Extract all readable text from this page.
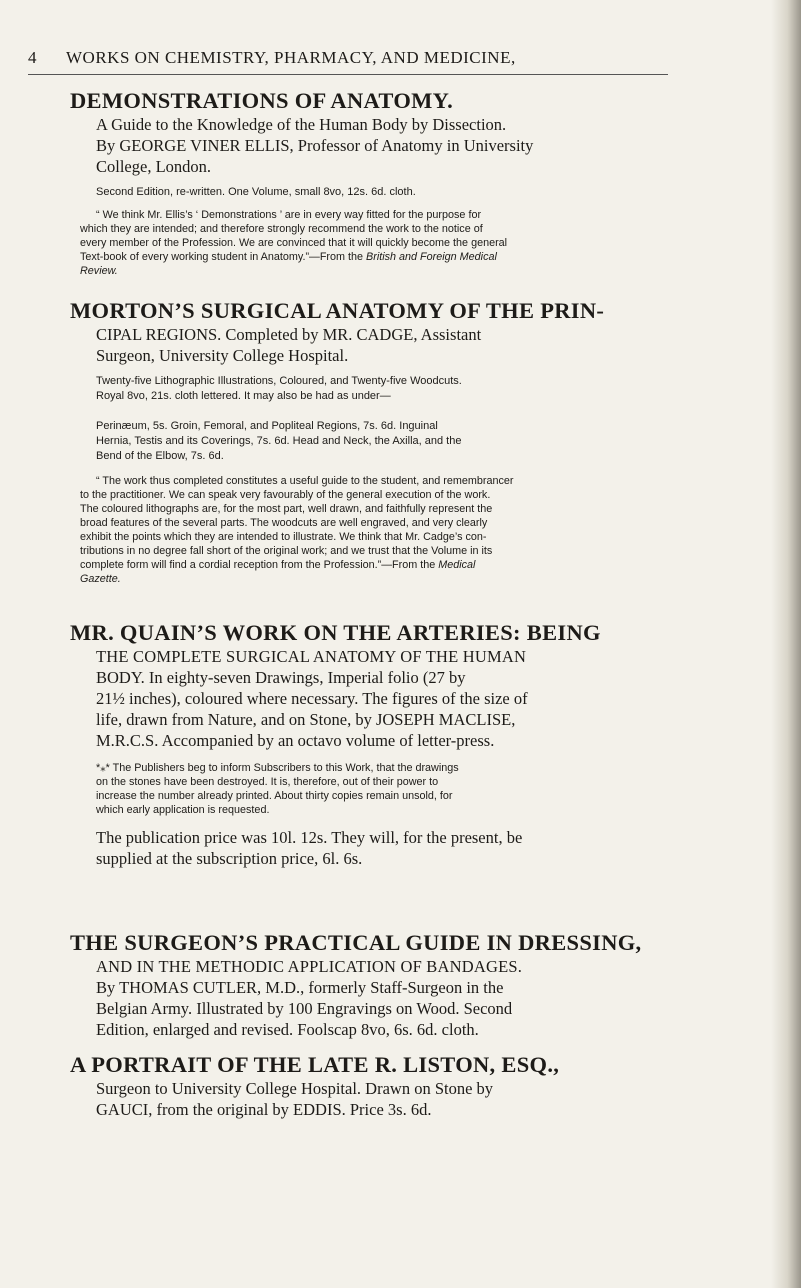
4 WORKS ON CHEMISTRY, PHARMACY, AND MEDICINE,

DEMONSTRATIONS OF ANATOMY.

A Guide to the Knowledge of the Human Body by Dissection.
By GEORGE VINER ELLIS, Professor of Anatomy in University
College, London.

Second Edition, re-written. One Volume, small 8vo, 12s. 6d. cloth.

“ We think Mr. Ellis’s ‘ Demonstrations ’ are in every way fitted for the purpose for
which they are intended; and therefore strongly recommend the work to the notice of
every member of the Profession. We are convinced that it will quickly become the general
Text-book of every working student in Anatomy.”—From the British and Foreign Medical
Review.

MORTON’S SURGICAL ANATOMY OF THE PRIN-

CIPAL REGIONS. Completed by MR. CADGE, Assistant
Surgeon, University College Hospital.

Twenty-five Lithographic Illustrations, Coloured, and Twenty-five Woodcuts.
Royal 8vo, 21s. cloth lettered. It may also be had as under—

Perinæum, 5s. Groin, Femoral, and Popliteal Regions, 7s. 6d. Inguinal
Hernia, Testis and its Coverings, 7s. 6d. Head and Neck, the Axilla, and the
Bend of the Elbow, 7s. 6d.

“ The work thus completed constitutes a useful guide to the student, and remembrancer
to the practitioner. We can speak very favourably of the general execution of the work.
The coloured lithographs are, for the most part, well drawn, and faithfully represent the
broad features of the several parts. The woodcuts are well engraved, and very clearly
exhibit the points which they are intended to illustrate. We think that Mr. Cadge’s con-
tributions in no degree fall short of the original work; and we trust that the Volume in its
complete form will find a cordial reception from the Profession.”—From the Medical
Gazette.

MR. QUAIN’S WORK ON THE ARTERIES: BEING

THE COMPLETE SURGICAL ANATOMY OF THE HUMAN
BODY. In eighty-seven Drawings, Imperial folio (27 by
21½ inches), coloured where necessary. The figures of the size of
life, drawn from Nature, and on Stone, by JOSEPH MACLISE,
M.R.C.S. Accompanied by an octavo volume of letter-press.

*⁎* The Publishers beg to inform Subscribers to this Work, that the drawings
on the stones have been destroyed. It is, therefore, out of their power to
increase the number already printed. About thirty copies remain unsold, for
which early application is requested.

The publication price was 10l. 12s. They will, for the present, be
supplied at the subscription price, 6l. 6s.

THE SURGEON’S PRACTICAL GUIDE IN DRESSING,

AND IN THE METHODIC APPLICATION OF BANDAGES.
By THOMAS CUTLER, M.D., formerly Staff-Surgeon in the
Belgian Army. Illustrated by 100 Engravings on Wood. Second
Edition, enlarged and revised. Foolscap 8vo, 6s. 6d. cloth.

A PORTRAIT OF THE LATE R. LISTON, ESQ.,

Surgeon to University College Hospital. Drawn on Stone by
GAUCI, from the original by EDDIS. Price 3s. 6d.
